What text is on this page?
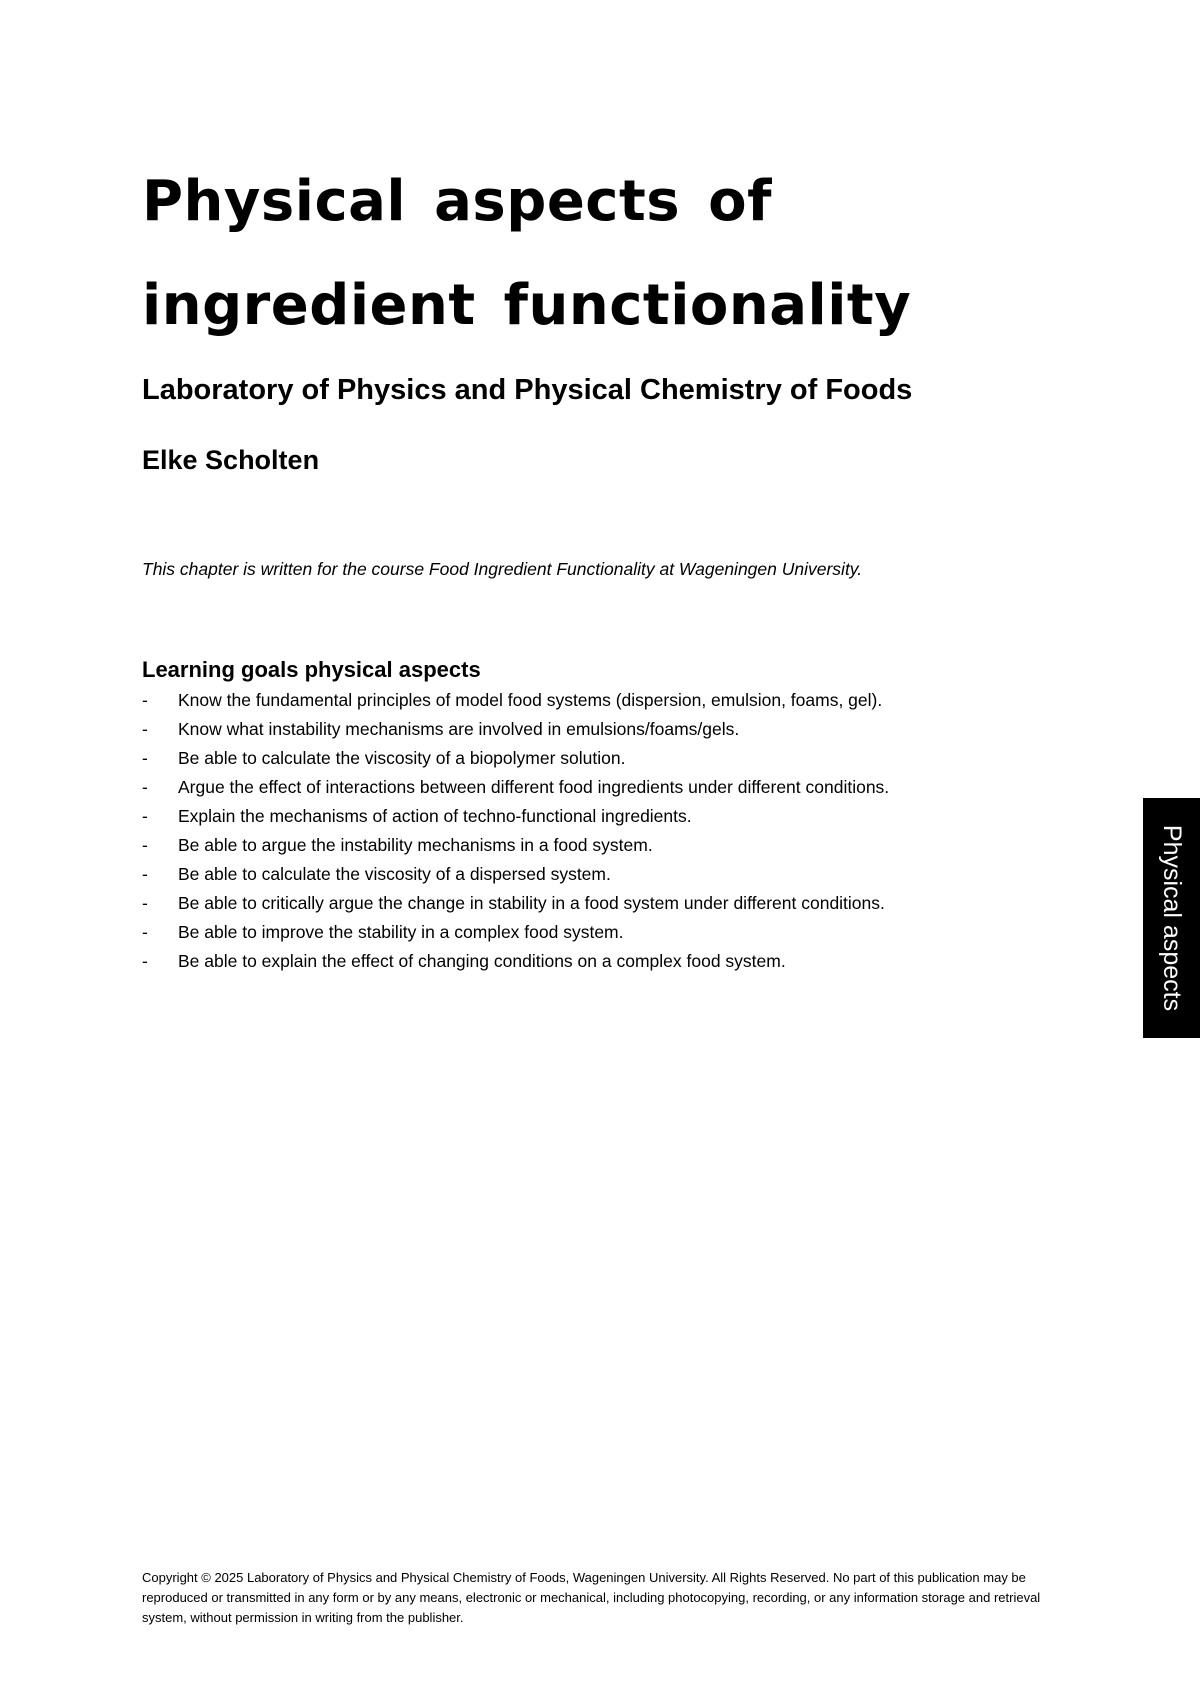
Physical aspects of ingredient functionality
Laboratory of Physics and Physical Chemistry of Foods
Elke Scholten

This chapter is written for the course Food Ingredient Functionality at Wageningen University.

Learning goals physical aspects
- Know the fundamental principles of model food systems (dispersion, emulsion, foams, gel).
- Know what instability mechanisms are involved in emulsions/foams/gels.
- Be able to calculate the viscosity of a biopolymer solution.
- Argue the effect of interactions between different food ingredients under different conditions.
- Explain the mechanisms of action of techno-functional ingredients.
- Be able to argue the instability mechanisms in a food system.
- Be able to calculate the viscosity of a dispersed system.
- Be able to critically argue the change in stability in a food system under different conditions.
- Be able to improve the stability in a complex food system.
- Be able to explain the effect of changing conditions on a complex food system.	Physical aspects

Copyright © 2025 Laboratory of Physics and Physical Chemistry of Foods, Wageningen University. All Rights Reserved. No part of this publication may be reproduced or transmitted in any form or by any means, electronic or mechanical, including photocopying, recording, or any information storage and retrieval system, without permission in writing from the publisher.
